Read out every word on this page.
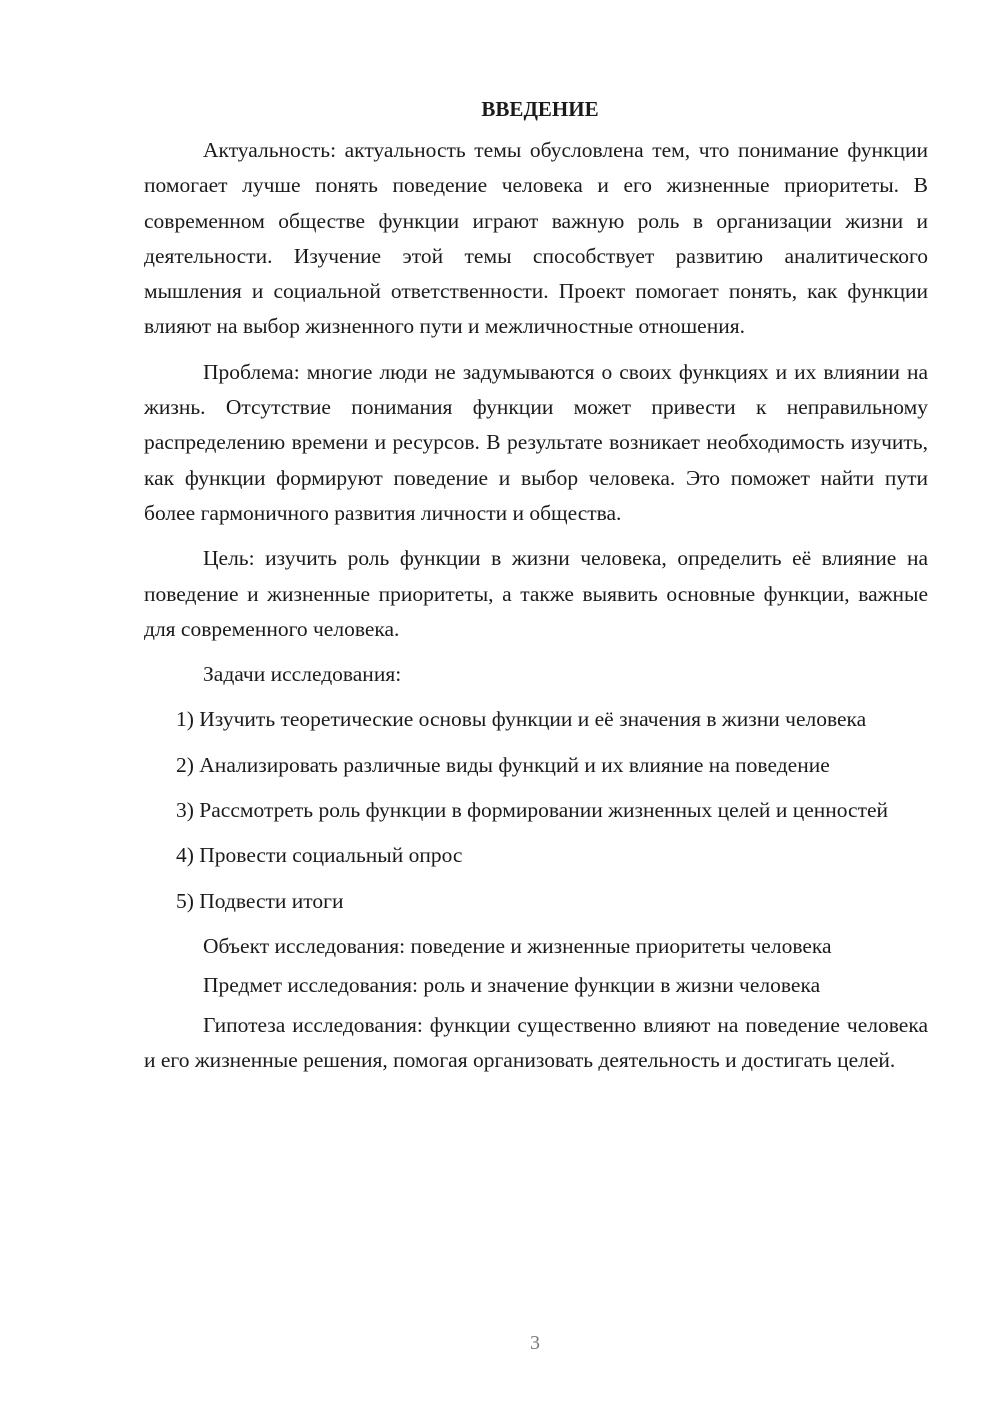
ВВЕДЕНИЕ

Актуальность: актуальность темы обусловлена тем, что понимание функции помогает лучше понять поведение человека и его жизненные приоритеты. В современном обществе функции играют важную роль в организации жизни и деятельности. Изучение этой темы способствует развитию аналитического мышления и социальной ответственности. Проект помогает понять, как функции влияют на выбор жизненного пути и межличностные отношения.

Проблема: многие люди не задумываются о своих функциях и их влиянии на жизнь. Отсутствие понимания функции может привести к неправильному распределению времени и ресурсов. В результате возникает необходимость изучить, как функции формируют поведение и выбор человека. Это поможет найти пути более гармоничного развития личности и общества.

Цель: изучить роль функции в жизни человека, определить её влияние на поведение и жизненные приоритеты, а также выявить основные функции, важные для современного человека.

Задачи исследования:

1) Изучить теоретические основы функции и её значения в жизни человека

2) Анализировать различные виды функций и их влияние на поведение

3) Рассмотреть роль функции в формировании жизненных целей и ценностей

4) Провести социальный опрос

5) Подвести итоги

Объект исследования: поведение и жизненные приоритеты человека

Предмет исследования: роль и значение функции в жизни человека

Гипотеза исследования: функции существенно влияют на поведение человека и его жизненные решения, помогая организовать деятельность и достигать целей.

3
